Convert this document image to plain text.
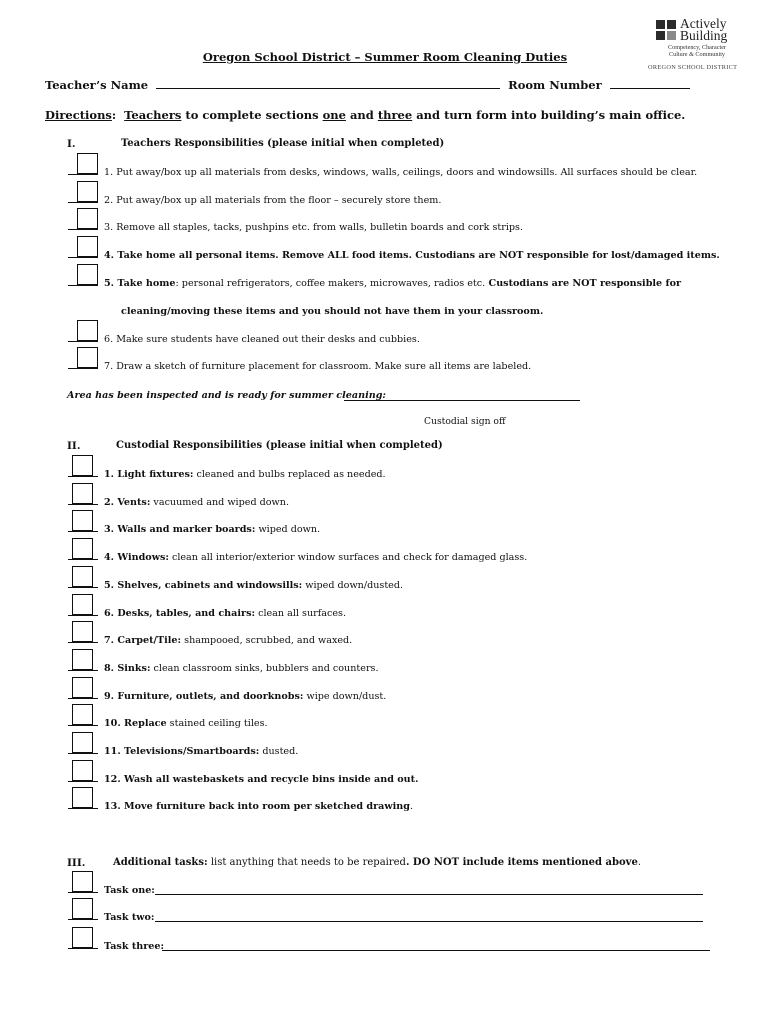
Actively
Building
Competency, Character
Culture & Community
OREGON SCHOOL DISTRICT
Oregon School District – Summer Room Cleaning Duties
Teacher’s Name	Room Number
Directions:  Teachers to complete sections one and three and turn form into building’s main office.
I.	Teachers Responsibilities (please initial when completed)
1. Put away/box up all materials from desks, windows, walls, ceilings, doors and windowsills. All surfaces should be clear.
2. Put away/box up all materials from the floor – securely store them.
3. Remove all staples, tacks, pushpins etc. from walls, bulletin boards and cork strips.
4. Take home all personal items. Remove ALL food items. Custodians are NOT responsible for lost/damaged items.
5. Take home: personal refrigerators, coffee makers, microwaves, radios etc. Custodians are NOT responsible for
6. Make sure students have cleaned out their desks and cubbies.
7. Draw a sketch of furniture placement for classroom. Make sure all items are labeled.
cleaning/moving these items and you should not have them in your classroom.
Area has been inspected and is ready for summer cleaning:
Custodial sign off
II.	Custodial Responsibilities (please initial when completed)
1. Light fixtures: cleaned and bulbs replaced as needed.
2. Vents: vacuumed and wiped down.
3. Walls and marker boards: wiped down.
4. Windows: clean all interior/exterior window surfaces and check for damaged glass.
5. Shelves, cabinets and windowsills: wiped down/dusted.
6. Desks, tables, and chairs: clean all surfaces.
7. Carpet/Tile: shampooed, scrubbed, and waxed.
8. Sinks: clean classroom sinks, bubblers and counters.
9. Furniture, outlets, and doorknobs: wipe down/dust.
10. Replace stained ceiling tiles.
11. Televisions/Smartboards: dusted.
12. Wash all wastebaskets and recycle bins inside and out.
13. Move furniture back into room per sketched drawing.
III.	Additional tasks: list anything that needs to be repaired. DO NOT include items mentioned above.
Task one:
Task two:
Task three:
